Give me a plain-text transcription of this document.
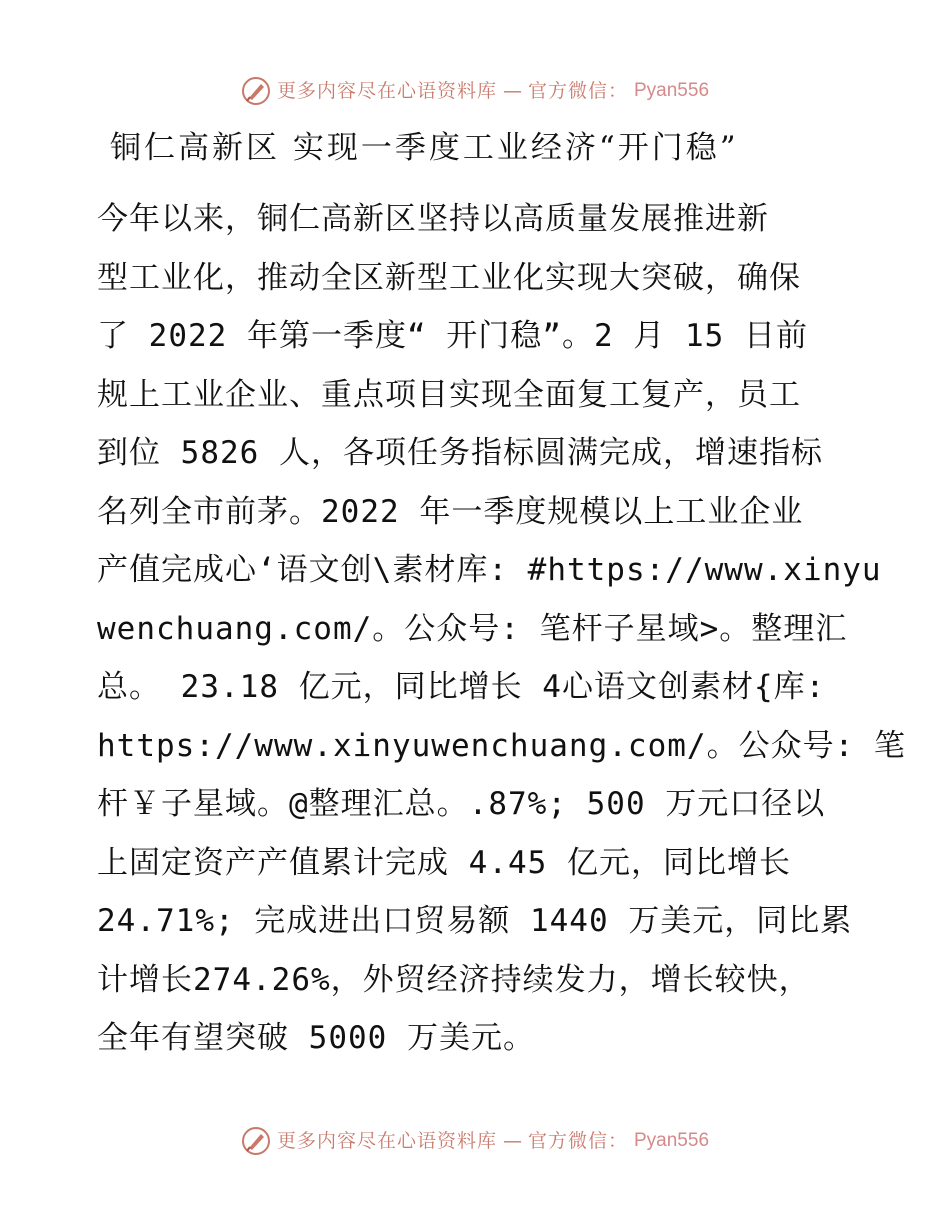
更多内容尽在心语资料库 — 官方微信： Pyan556
铜仁高新区 实现一季度工业经济“开门稳”
今年以来，铜仁高新区坚持以高质量发展推进新
型工业化，推动全区新型工业化实现大突破，确保
了 2022 年第一季度“ 开门稳”。2 月 15 日前
规上工业企业、重点项目实现全面复工复产，员工
到位 5826 人，各项任务指标圆满完成，增速指标
名列全市前茅。2022 年一季度规模以上工业企业
产值完成心‘语文创\素材库: #https://www.xinyu
wenchuang.com/。公众号: 笔杆子星域>。整理汇
总。 23.18 亿元，同比增长 4心语文创素材{库:
https://www.xinyuwenchuang.com/。公众号: 笔
杆￥子星域。@整理汇总。.87%; 500 万元口径以
上固定资产产值累计完成 4.45 亿元，同比增长
24.71%; 完成进出口贸易额 1440 万美元，同比累
计增长274.26%，外贸经济持续发力，增长较快，
全年有望突破 5000 万美元。
更多内容尽在心语资料库 — 官方微信： Pyan556
